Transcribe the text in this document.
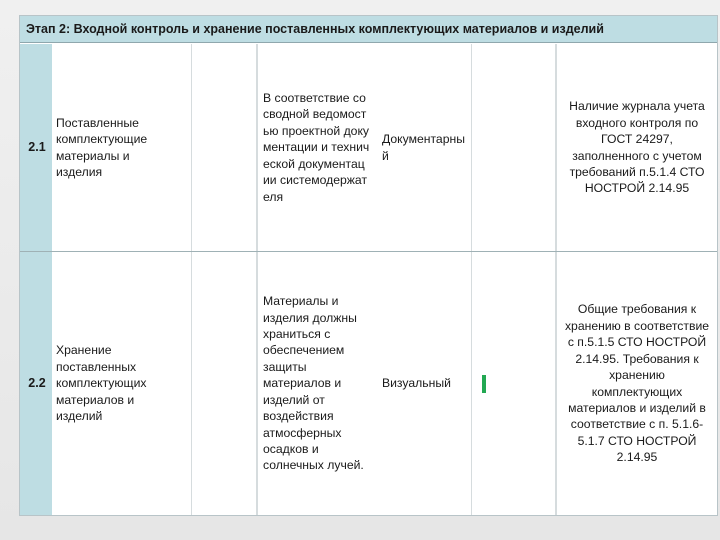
Этап 2: Входной контроль и хранение поставленных комплектующих материалов и изделий
2.1
Поставленные комплектующие материалы и изделия
В соответствие со сводной ведомостью проектной документации и технической документации системодержателя
Документарный
Наличие журнала учета входного контроля по ГОСТ 24297, заполненного с учетом требований п.5.1.4 СТО НОСТРОЙ 2.14.95
2.2
Хранение поставленных комплектующих материалов и изделий
Материалы и изделия должны храниться с обеспечением защиты материалов и изделий от воздействия атмосферных осадков и солнечных лучей.
Визуальный
Общие требования к хранению в соответствие с п.5.1.5 СТО НОСТРОЙ 2.14.95. Требования к хранению комплектующих материалов и изделий в соответствие с п. 5.1.6-5.1.7 СТО НОСТРОЙ 2.14.95
